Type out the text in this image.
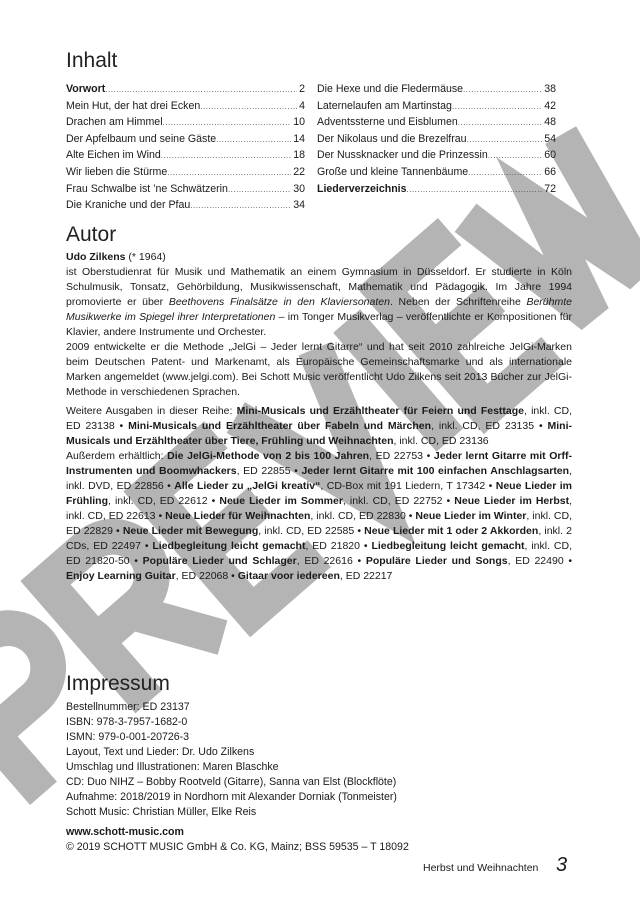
Inhalt
Vorwort .....	2
Mein Hut, der hat drei Ecken .....	4
Drachen am Himmel .....	10
Der Apfelbaum und seine Gäste .....	14
Alte Eichen im Wind .....	18
Wir lieben die Stürme .....	22
Frau Schwalbe ist ’ne Schwätzerin .....	30
Die Kraniche und der Pfau .....	34
Die Hexe und die Fledermäuse .....	38
Laternelaufen am Martinstag .....	42
Adventssterne und Eisblumen .....	48
Der Nikolaus und die Brezelfrau .....	54
Der Nussknacker und die Prinzessin .....	60
Große und kleine Tannenbäume .....	66
Liederverzeichnis .....	72
Autor
Udo Zilkens (* 1964)
ist Oberstudienrat für Musik und Mathematik an einem Gymnasium in Düsseldorf. Er studierte in Köln Schulmusik, Tonsatz, Gehörbildung, Musikwissenschaft, Mathematik und Pädagogik. Im Jahre 1994 promovierte er über Beethovens Finalsätze in den Klaviersonaten. Neben der Schriftenreihe Berühmte Musikwerke im Spiegel ihrer Interpretationen – im Tonger Musikverlag – veröffentlichte er Kompositionen für Klavier, andere Instrumente und Orchester.
2009 entwickelte er die Methode „JelGi – Jeder lernt Gitarre“ und hat seit 2010 zahlreiche JelGi-Marken beim Deutschen Patent- und Markenamt, als Europäische Gemeinschaftsmarke und als internationale Marken angemeldet (www.jelgi.com). Bei Schott Music veröffentlicht Udo Zilkens seit 2013 Bücher zur JelGi-Methode in verschiedenen Sprachen.
Weitere Ausgaben in dieser Reihe: Mini-Musicals und Erzähltheater für Feiern und Festtage, inkl. CD, ED 23138 • Mini-Musicals und Erzähltheater über Fabeln und Märchen, inkl. CD, ED 23135 • Mini-Musicals und Erzähltheater über Tiere, Frühling und Weihnachten, inkl. CD, ED 23136
Außerdem erhältlich: Die JelGi-Methode von 2 bis 100 Jahren, ED 22753 • Jeder lernt Gitarre mit Orff-Instrumenten und Boomwhackers, ED 22855 • Jeder lernt Gitarre mit 100 einfachen Anschlagsarten, inkl. DVD, ED 22856 • Alle Lieder zu „JelGi kreativ“, CD-Box mit 191 Liedern, T 17342 • Neue Lieder im Frühling, inkl. CD, ED 22612 • Neue Lieder im Sommer, inkl. CD, ED 22752 • Neue Lieder im Herbst, inkl. CD, ED 22613 • Neue Lieder für Weihnachten, inkl. CD, ED 22830 • Neue Lieder im Winter, inkl. CD, ED 22829 • Neue Lieder mit Bewegung, inkl. CD, ED 22585 • Neue Lieder mit 1 oder 2 Akkorden, inkl. 2 CDs, ED 22497 • Liedbegleitung leicht gemacht, ED 21820 • Liedbegleitung leicht gemacht, inkl. CD, ED 21820-50 • Populäre Lieder und Schlager, ED 22616 • Populäre Lieder und Songs, ED 22490 • Enjoy Learning Guitar, ED 22068 • Gitaar voor iedereen, ED 22217
Impressum
Bestellnummer: ED 23137
ISBN: 978-3-7957-1682-0
ISMN: 979-0-001-20726-3
Layout, Text und Lieder: Dr. Udo Zilkens
Umschlag und Illustrationen: Maren Blaschke
CD: Duo NIHZ – Bobby Rootveld (Gitarre), Sanna van Elst (Blockflöte)
Aufnahme: 2018/2019 in Nordhorn mit Alexander Dorniak (Tonmeister)
Schott Music: Christian Müller, Elke Reis
www.schott-music.com
© 2019 SCHOTT MUSIC GmbH & Co. KG, Mainz; BSS 59535 – T 18092
Herbst und Weihnachten 3
